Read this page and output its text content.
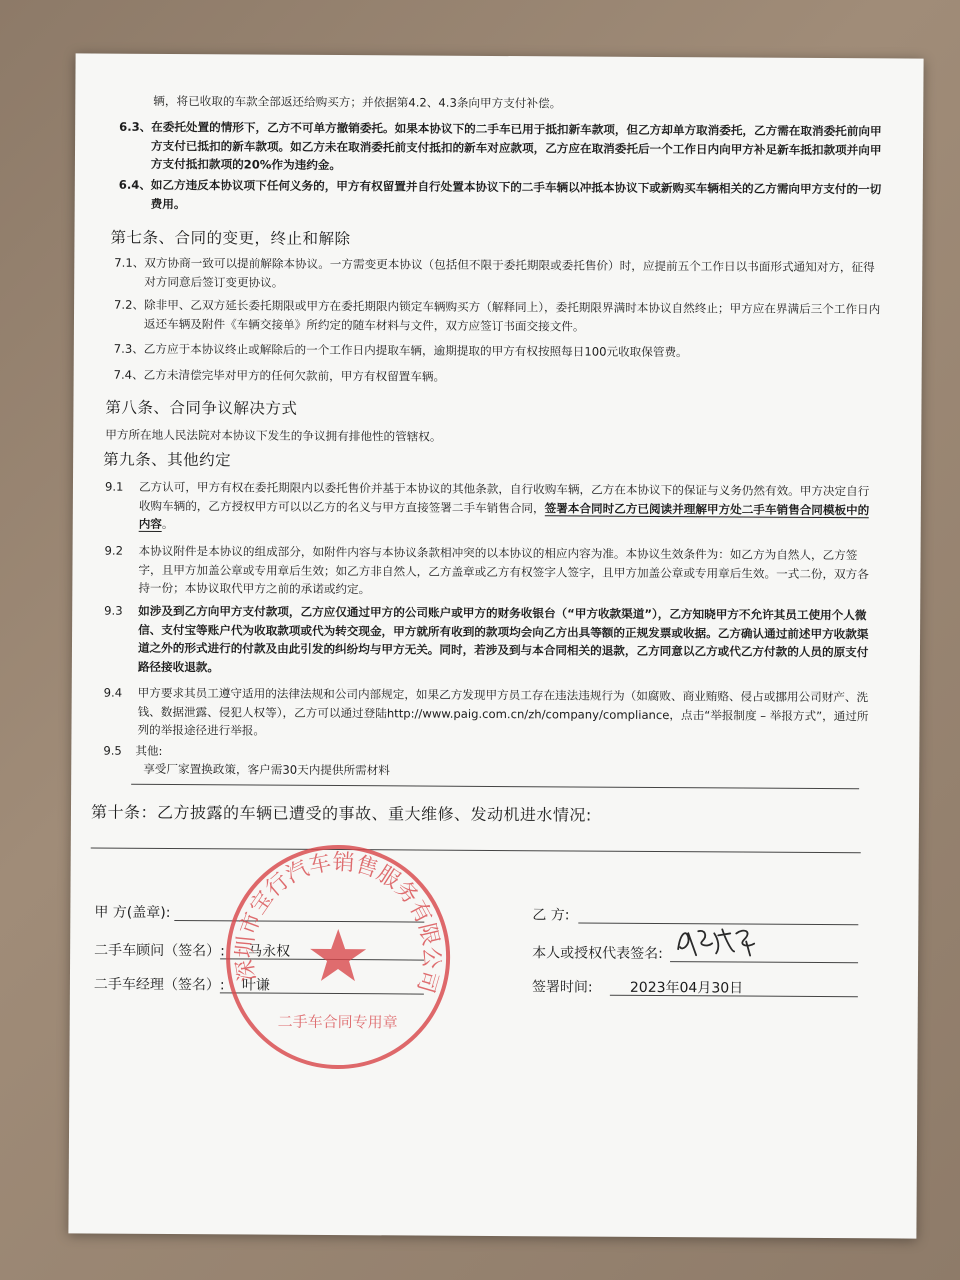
辆，将已收取的车款全部返还给购买方；并依据第4.2、4.3条向甲方支付补偿。
6.3、 在委托处置的情形下，乙方不可单方撤销委托。如果本协议下的二手车已用于抵扣新车款项，但乙方却单方取消委托，乙方需在取消委托前向甲方支付已抵扣的新车款项。如乙方未在取消委托前支付抵扣的新车对应款项，乙方应在取消委托后一个工作日内向甲方补足新车抵扣款项并向甲方支付抵扣款项的20%作为违约金。
6.4、 如乙方违反本协议项下任何义务的，甲方有权留置并自行处置本协议下的二手车辆以冲抵本协议下或新购买车辆相关的乙方需向甲方支付的一切费用。
第七条、合同的变更，终止和解除
7.1、 双方协商一致可以提前解除本协议。一方需变更本协议（包括但不限于委托期限或委托售价）时，应提前五个工作日以书面形式通知对方，征得对方同意后签订变更协议。
7.2、 除非甲、乙双方延长委托期限或甲方在委托期限内锁定车辆购买方（解释同上），委托期限界满时本协议自然终止；甲方应在界满后三个工作日内返还车辆及附件《车辆交接单》所约定的随车材料与文件，双方应签订书面交接文件。
7.3、 乙方应于本协议终止或解除后的一个工作日内提取车辆，逾期提取的甲方有权按照每日100元收取保管费。
7.4、 乙方未清偿完毕对甲方的任何欠款前，甲方有权留置车辆。
第八条、合同争议解决方式
甲方所在地人民法院对本协议下发生的争议拥有排他性的管辖权。
第九条、其他约定
9.1	乙方认可，甲方有权在委托期限内以委托售价并基于本协议的其他条款，自行收购车辆，乙方在本协议下的保证与义务仍然有效。甲方决定自行收购车辆的，乙方授权甲方可以以乙方的名义与甲方直接签署二手车销售合同，签署本合同时乙方已阅读并理解甲方处二手车销售合同模板中的内容。
9.2	本协议附件是本协议的组成部分，如附件内容与本协议条款相冲突的以本协议的相应内容为准。本协议生效条件为：如乙方为自然人，乙方签字，且甲方加盖公章或专用章后生效；如乙方非自然人，乙方盖章或乙方有权签字人签字，且甲方加盖公章或专用章后生效。一式二份，双方各持一份；本协议取代甲方之前的承诺或约定。
9.3	如涉及到乙方向甲方支付款项，乙方应仅通过甲方的公司账户或甲方的财务收银台（“甲方收款渠道”），乙方知晓甲方不允许其员工使用个人微信、支付宝等账户代为收取款项或代为转交现金，甲方就所有收到的款项均会向乙方出具等额的正规发票或收据。乙方确认通过前述甲方收款渠道之外的形式进行的付款及由此引发的纠纷均与甲方无关。同时，若涉及到与本合同相关的退款，乙方同意以乙方或代乙方付款的人员的原支付路径接收退款。
9.4	甲方要求其员工遵守适用的法律法规和公司内部规定，如果乙方发现甲方员工存在违法违规行为（如腐败、商业贿赂、侵占或挪用公司财产、洗钱、数据泄露、侵犯人权等），乙方可以通过登陆http://www.paig.com.cn/zh/company/compliance，点击“举报制度 – 举报方式”，通过所列的举报途径进行举报。
9.5	其他:
享受厂家置换政策，客户需30天内提供所需材料
第十条：乙方披露的车辆已遭受的事故、重大维修、发动机进水情况:
甲 方(盖章):
二手车顾问（签名）: 马永权
二手车经理（签名）: 叶谦
乙 方:
本人或授权代表签名:
签署时间:	2023年04月30日
深圳市宝行汽车销售服务有限公司
二手车合同专用章
